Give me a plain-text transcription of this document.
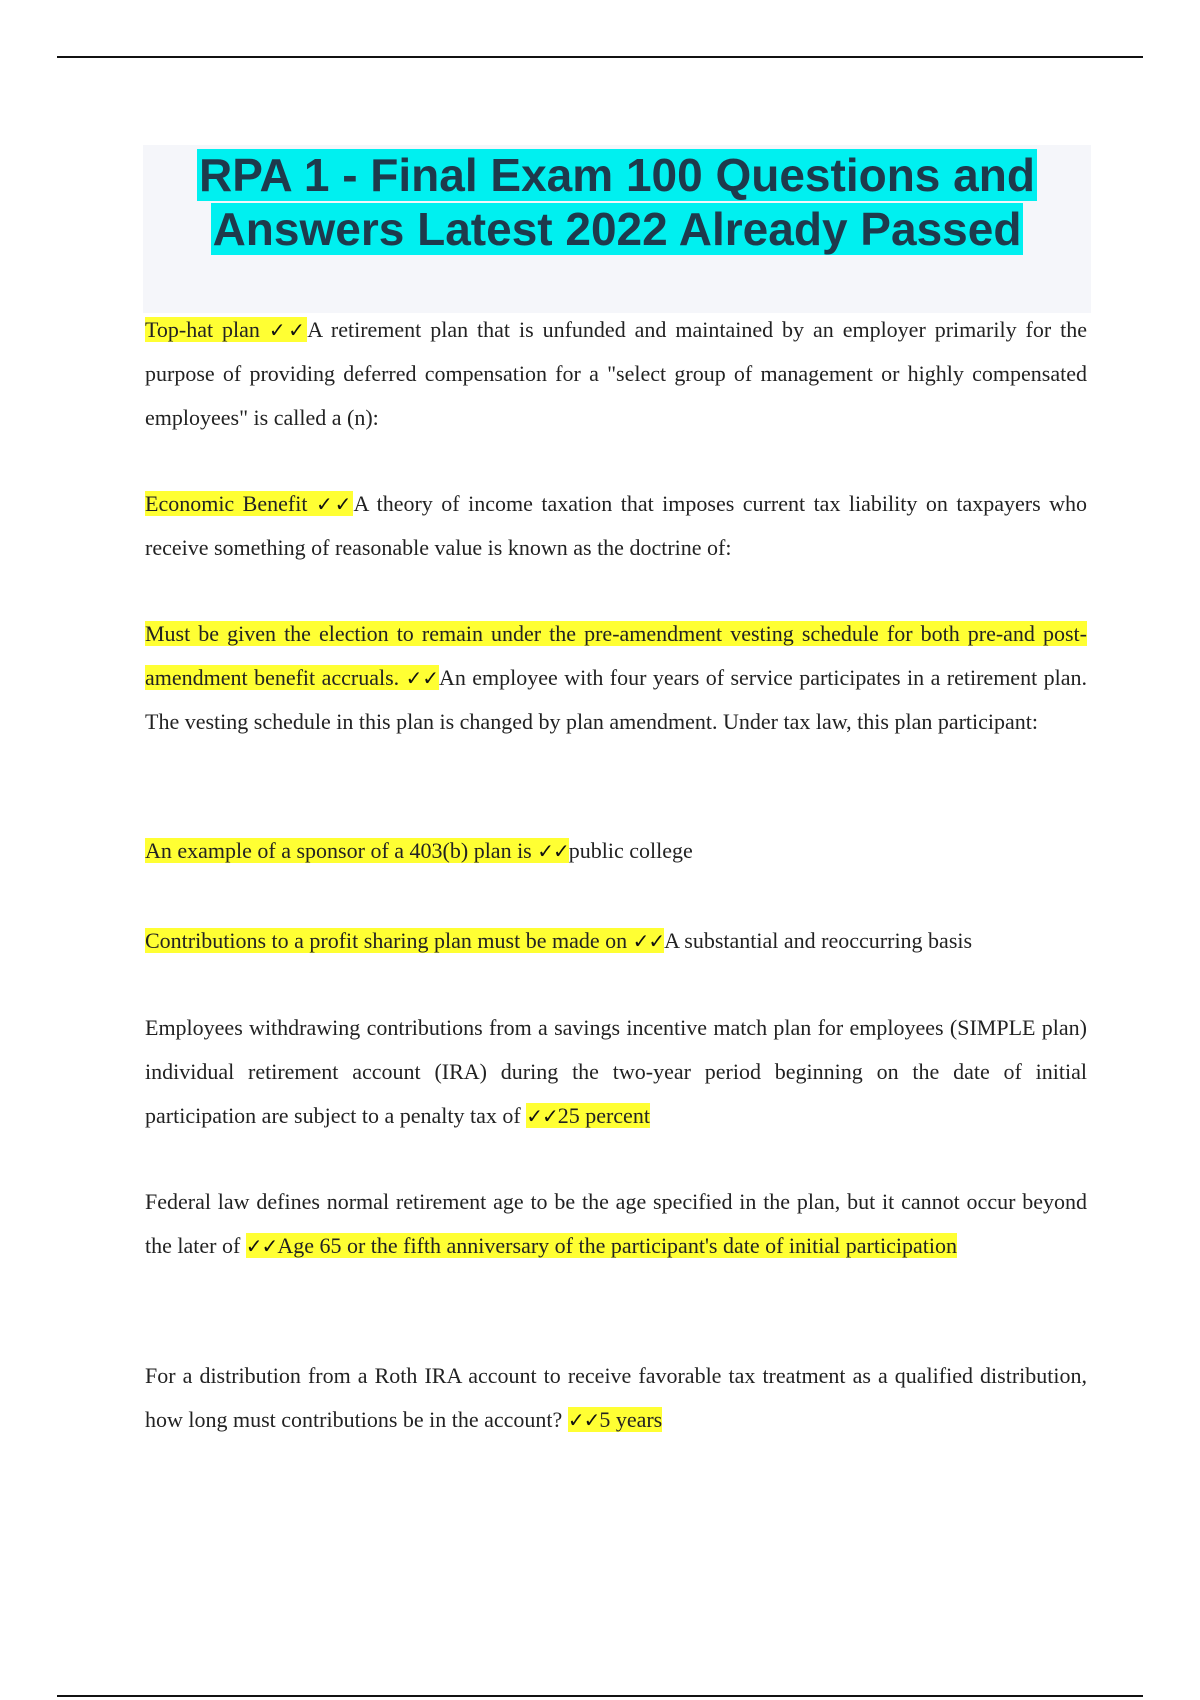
RPA 1 - Final Exam 100 Questions and
Answers Latest 2022 Already Passed

Top-hat plan ✓✓A retirement plan that is unfunded and maintained by an employer primarily for the purpose of providing deferred compensation for a "select group of management or highly compensated employees" is called a (n):

Economic Benefit ✓✓A theory of income taxation that imposes current tax liability on taxpayers who receive something of reasonable value is known as the doctrine of:

Must be given the election to remain under the pre-amendment vesting schedule for both pre-and post-amendment benefit accruals. ✓✓An employee with four years of service participates in a retirement plan. The vesting schedule in this plan is changed by plan amendment. Under tax law, this plan participant:

An example of a sponsor of a 403(b) plan is ✓✓public college

Contributions to a profit sharing plan must be made on ✓✓A substantial and reoccurring basis

Employees withdrawing contributions from a savings incentive match plan for employees (SIMPLE plan) individual retirement account (IRA) during the two-year period beginning on the date of initial participation are subject to a penalty tax of ✓✓25 percent

Federal law defines normal retirement age to be the age specified in the plan, but it cannot occur beyond the later of ✓✓Age 65 or the fifth anniversary of the participant's date of initial participation

For a distribution from a Roth IRA account to receive favorable tax treatment as a qualified distribution, how long must contributions be in the account? ✓✓5 years
